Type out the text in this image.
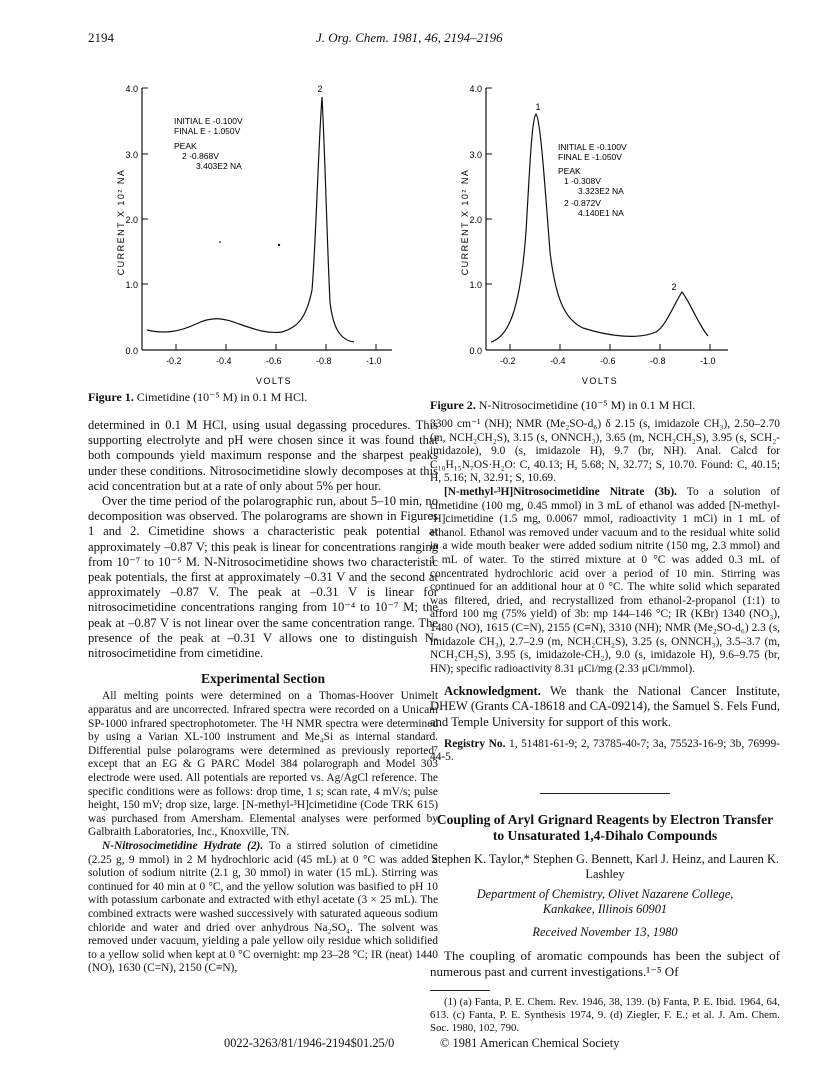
2194	J. Org. Chem. 1981, 46, 2194–2196
4.0
3.0
2.0
1.0
0.0
-0.2	-0.4	-0.6	-0.8	-1.0
VOLTS
CURRENT X 10² NA
2
INITIAL E -0.100V
FINAL E - 1.050V
PEAK
2 -0.868V
3.403E2 NA
Figure 1. Cimetidine (10⁻⁵ M) in 0.1 M HCl.
4.0
3.0
2.0
1.0
0.0
-0.2	-0.4	-0.6	-0.8	-1.0
VOLTS
CURRENT X 10² NA
1
2
INITIAL E -0.100V
FINAL E -1.050V
PEAK
1 -0.308V
3.323E2 NA
2 -0.872V
4.140E1 NA
Figure 2. N-Nitrosocimetidine (10⁻⁵ M) in 0.1 M HCl.

determined in 0.1 M HCl, using usual degassing procedures. This supporting electrolyte and pH were chosen since it was found that both compounds yield maximum response and the sharpest peaks under these conditions. Nitrosocimetidine slowly decomposes at this acid concentration but at a rate of only about 5% per hour.

Over the time period of the polarographic run, about 5–10 min, no decomposition was observed. The polarograms are shown in Figures 1 and 2. Cimetidine shows a characteristic peak potential at approximately –0.87 V; this peak is linear for concentrations ranging from 10⁻⁷ to 10⁻⁵ M. N-Nitrosocimetidine shows two characteristic peak potentials, the first at approximately –0.31 V and the second at approximately –0.87 V. The peak at –0.31 V is linear for nitrosocimetidine concentrations ranging from 10⁻⁴ to 10⁻⁷ M; the peak at –0.87 V is not linear over the same concentration range. The presence of the peak at –0.31 V allows one to distinguish N-nitrosocimetidine from cimetidine.

Experimental Section

All melting points were determined on a Thomas-Hoover Unimelt apparatus and are uncorrected. Infrared spectra were recorded on a Unicam SP-1000 infrared spectrophotometer. The ¹H NMR spectra were determined by using a Varian XL-100 instrument and Me₄Si as internal standard. Differential pulse polarograms were determined as previously reported⁷ except that an EG & G PARC Model 384 polarograph and Model 303 electrode were used. All potentials are reported vs. Ag/AgCl reference. The specific conditions were as follows: drop time, 1 s; scan rate, 4 mV/s; pulse height, 150 mV; drop size, large. [N-methyl-³H]cimetidine (Code TRK 615) was purchased from Amersham. Elemental analyses were performed by Galbraith Laboratories, Inc., Knoxville, TN.

N-Nitrosocimetidine Hydrate (2). To a stirred solution of cimetidine (2.25 g, 9 mmol) in 2 M hydrochloric acid (45 mL) at 0 °C was added a solution of sodium nitrite (2.1 g, 30 mmol) in water (15 mL). Stirring was continued for 40 min at 0 °C, and the yellow solution was basified to pH 10 with potassium carbonate and extracted with ethyl acetate (3 × 25 mL). The combined extracts were washed successively with saturated aqueous sodium chloride and water and dried over anhydrous Na₂SO₄. The solvent was removed under vacuum, yielding a pale yellow oily residue which solidified to a yellow solid when kept at 0 °C overnight: mp 23–28 °C; IR (neat) 1440 (NO), 1630 (C=N), 2150 (C≡N),

3300 cm⁻¹ (NH); NMR (Me₂SO-d₆) δ 2.15 (s, imidazole CH₃), 2.50–2.70 (m, NCH₂CH₂S), 3.15 (s, ONNCH₃), 3.65 (m, NCH₂CH₂S), 3.95 (s, SCH₂-imidazole), 9.0 (s, imidazole H), 9.7 (br, NH). Anal. Calcd for C₁₀H₁₅N₇OS·H₂O: C, 40.13; H, 5.68; N, 32.77; S, 10.70. Found: C, 40.15; H, 5.16; N, 32.91; S, 10.69.

[N-methyl-³H]Nitrosocimetidine Nitrate (3b). To a solution of cimetidine (100 mg, 0.45 mmol) in 3 mL of ethanol was added [N-methyl-³H]cimetidine (1.5 mg, 0.0067 mmol, radioactivity 1 mCi) in 1 mL of ethanol. Ethanol was removed under vacuum and to the residual white solid in a wide mouth beaker were added sodium nitrite (150 mg, 2.3 mmol) and 1 mL of water. To the stirred mixture at 0 °C was added 0.3 mL of concentrated hydrochloric acid over a period of 10 min. Stirring was continued for an additional hour at 0 °C. The white solid which separated was filtered, dried, and recrystallized from ethanol-2-propanol (1:1) to afford 100 mg (75% yield) of 3b: mp 144–146 °C; IR (KBr) 1340 (NO₃), 1480 (NO), 1615 (C=N), 2155 (C≡N), 3310 (NH); NMR (Me₂SO-d₆) 2.3 (s, imidazole CH₃), 2.7–2.9 (m, NCH₂CH₂S), 3.25 (s, ONNCH₃), 3.5–3.7 (m, NCH₂CH₂S), 3.95 (s, imidazole-CH₂), 9.0 (s, imidazole H), 9.6–9.75 (br, HN); specific radioactivity 8.31 μCi/mg (2.33 μCi/mmol).

Acknowledgment. We thank the National Cancer Institute, DHEW (Grants CA-18618 and CA-09214), the Samuel S. Fels Fund, and Temple University for support of this work.

Registry No. 1, 51481-61-9; 2, 73785-40-7; 3a, 75523-16-9; 3b, 76999-44-5.

Coupling of Aryl Grignard Reagents by Electron Transfer to Unsaturated 1,4-Dihalo Compounds
Stephen K. Taylor,* Stephen G. Bennett, Karl J. Heinz, and Lauren K. Lashley
Department of Chemistry, Olivet Nazarene College, Kankakee, Illinois 60901
Received November 13, 1980

The coupling of aromatic compounds has been the subject of numerous past and current investigations.¹⁻⁵ Of

(1) (a) Fanta, P. E. Chem. Rev. 1946, 38, 139. (b) Fanta, P. E. Ibid. 1964, 64, 613. (c) Fanta, P. E. Synthesis 1974, 9. (d) Ziegler, F. E.; et al. J. Am. Chem. Soc. 1980, 102, 790.

0022-3263/81/1946-2194$01.25/0	© 1981 American Chemical Society
